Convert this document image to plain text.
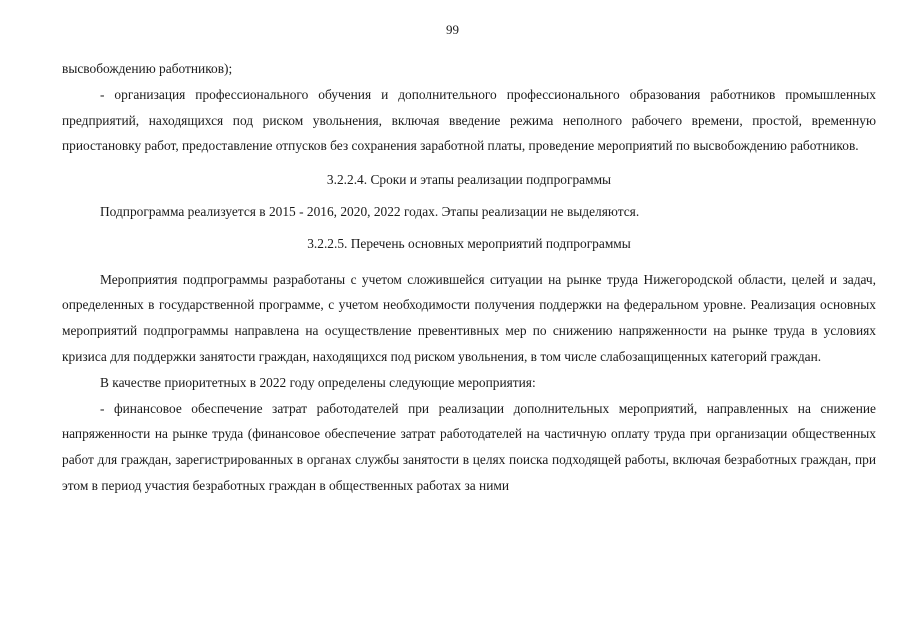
99

высвобождению работников);

- организация профессионального обучения и дополнительного профессионального образования работников промышленных предприятий, находящихся под риском увольнения, включая введение режима неполного рабочего времени, простой, временную приостановку работ, предоставление отпусков без сохранения заработной платы, проведение мероприятий по высвобождению работников.

3.2.2.4. Сроки и этапы реализации подпрограммы

Подпрограмма реализуется в 2015 - 2016, 2020, 2022 годах. Этапы реализации не выделяются.

3.2.2.5. Перечень основных мероприятий подпрограммы

Мероприятия подпрограммы разработаны с учетом сложившейся ситуации на рынке труда Нижегородской области, целей и задач, определенных в государственной программе, с учетом необходимости получения поддержки на федеральном уровне. Реализация основных мероприятий подпрограммы направлена на осуществление превентивных мер по снижению напряженности на рынке труда в условиях кризиса для поддержки занятости граждан, находящихся под риском увольнения, в том числе слабозащищенных категорий граждан.

В качестве приоритетных в 2022 году определены следующие мероприятия:

- финансовое обеспечение затрат работодателей при реализации дополнительных мероприятий, направленных на снижение напряженности на рынке труда (финансовое обеспечение затрат работодателей на частичную оплату труда при организации общественных работ для граждан, зарегистрированных в органах службы занятости в целях поиска подходящей работы, включая безработных граждан, при этом в период участия безработных граждан в общественных работах за ними
